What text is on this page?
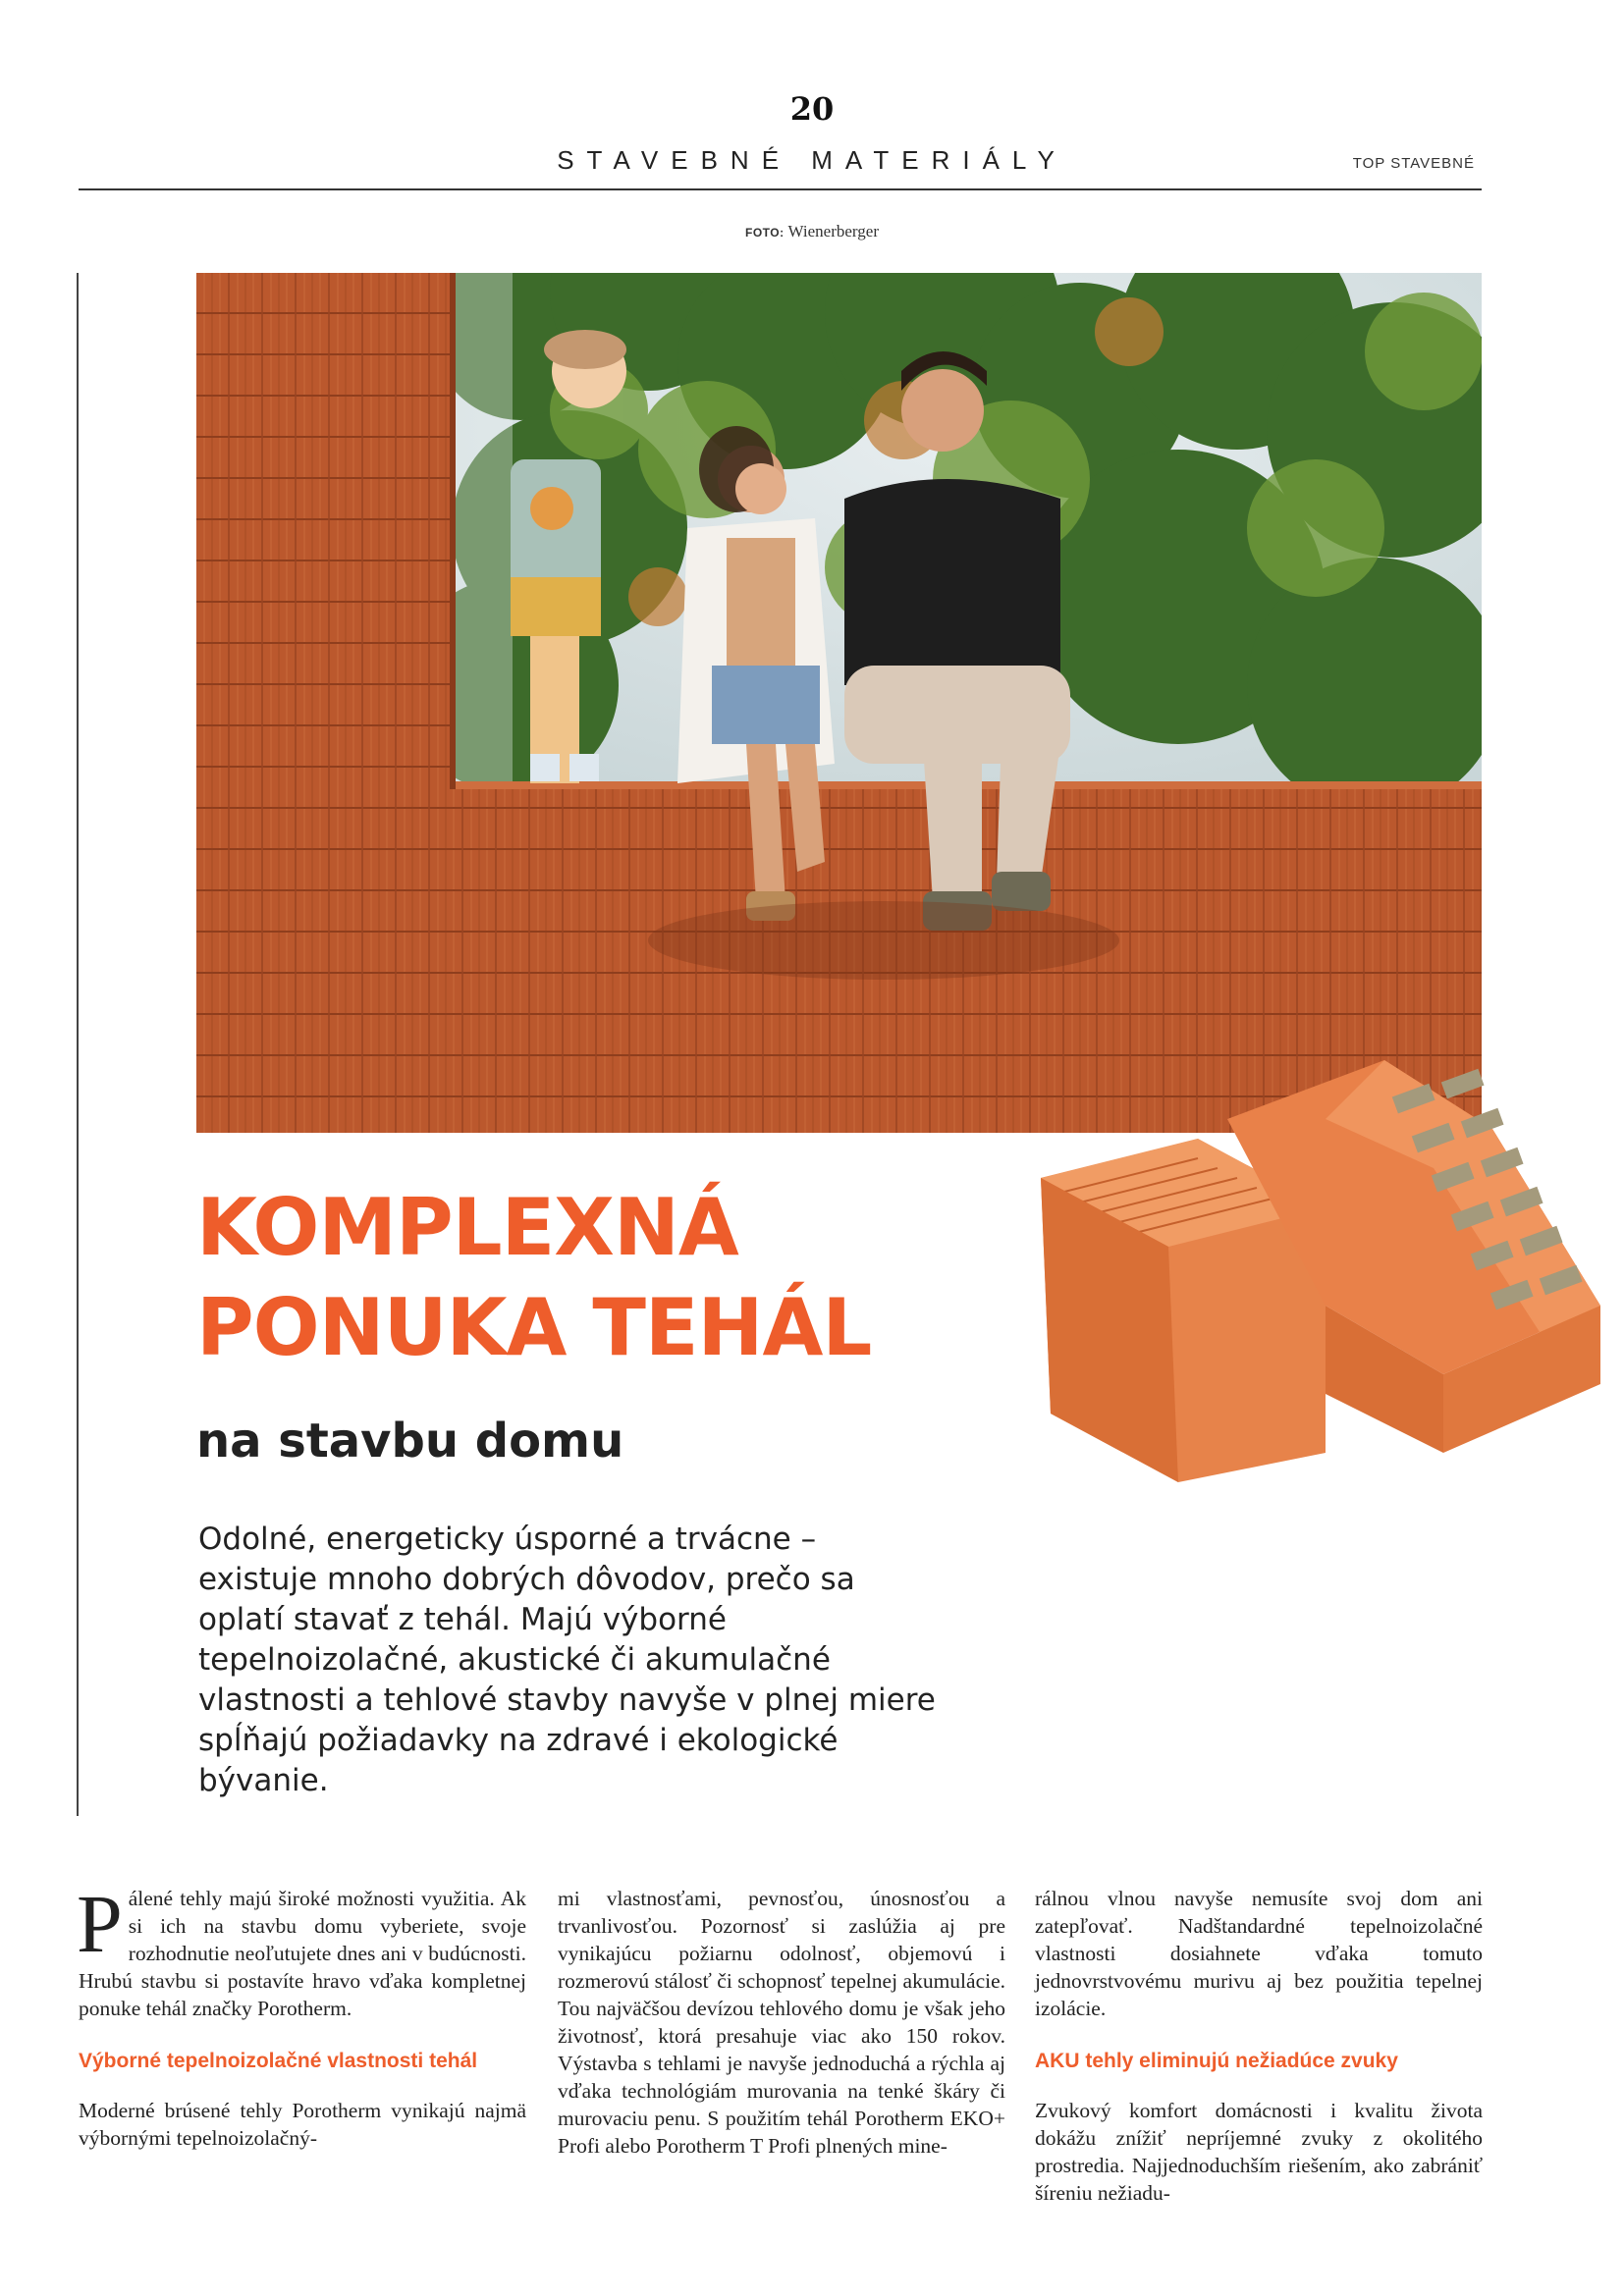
20
STAVEBNÉ MATERIÁLY	TOP STAVEBNÉ
FOTO: Wienerberger
KOMPLEXNÁ
PONUKA TEHÁL
na stavbu domu

Odolné, energeticky úsporné a trvácne – existuje mnoho dobrých dôvodov, prečo sa oplatí stavať z tehál. Majú výborné tepelnoizolačné, akustické či akumulačné vlastnosti a tehlové stavby navyše v plnej miere spĺňajú požiadavky na zdravé i ekologické bývanie.

Pálené tehly majú široké možnosti využitia. Ak si ich na stavbu domu vyberiete, svoje rozhodnutie neoľutujete dnes ani v budúcnosti. Hrubú stavbu si postavíte hravo vďaka kompletnej ponuke tehál značky Porotherm.

Výborné tepelnoizolačné vlastnosti tehál

Moderné brúsené tehly Porotherm vynikajú najmä výbornými tepelnoizolačný-

mi vlastnosťami, pevnosťou, únosnosťou a trvanlivosťou. Pozornosť si zaslúžia aj pre vynikajúcu požiarnu odolnosť, objemovú i rozmerovú stálosť či schopnosť tepelnej akumulácie. Tou najväčšou devízou tehlového domu je však jeho životnosť, ktorá presahuje viac ako 150 rokov. Výstavba s tehlami je navyše jednoduchá a rýchla aj vďaka technológiám murovania na tenké škáry či murovaciu penu. S použitím tehál Porotherm EKO+ Profi alebo Porotherm T Profi plnených mine-

rálnou vlnou navyše nemusíte svoj dom ani zatepľovať. Nadštandardné tepelnoizolačné vlastnosti dosiahnete vďaka tomuto jednovrstvovému murivu aj bez použitia tepelnej izolácie.

AKU tehly eliminujú nežiadúce zvuky

Zvukový komfort domácnosti i kvalitu života dokážu znížiť nepríjemné zvuky z okolitého prostredia. Najjednoduchším riešením, ako zabrániť šíreniu nežiadu-
